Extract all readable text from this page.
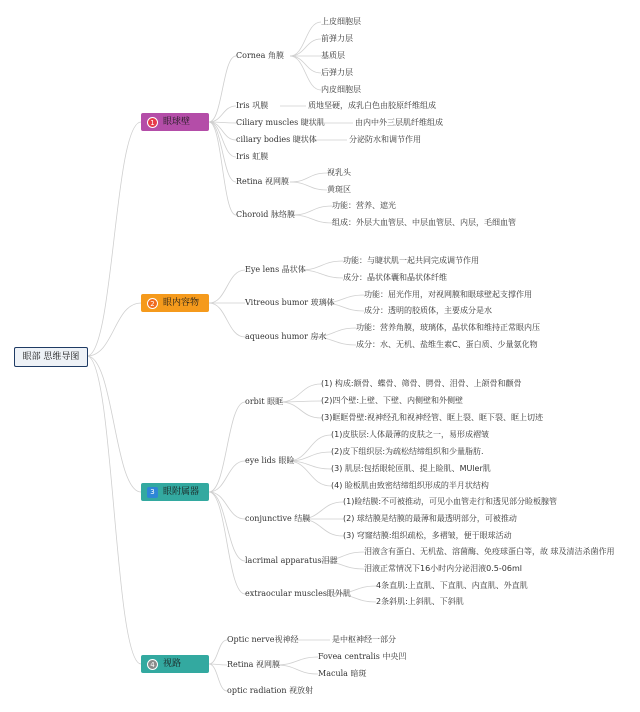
眼部 思维导图
1 眼球壁
2 眼内容物
3 眼附属器
4 视路
Cornea 角膜
上皮细胞层
前弹力层
基质层
后弹力层
内皮细胞层
Iris 巩膜	质地坚硬，成乳白色由胶原纤维组成
Ciliary muscles 睫状肌	由内中外三层肌纤维组成
ciliary bodies 睫状体	分泌防水和调节作用
Iris 虹膜
Retina 视网膜
视乳头
黄斑区
Choroid 脉络膜
功能：营养、遮光
组成：外层大血管层、中层血管层、内层，毛细血管
Eye lens 晶状体
功能：与睫状肌一起共同完成调节作用
成分：晶状体囊和晶状体纤维
Vitreous bumor 玻璃体
功能：屈光作用，对视网膜和眼球壁起支撑作用
成分：透明的胶质体，主要成分是水
aqueous humor 房水
功能：营养角膜，玻璃体，晶状体和维持正常眼内压
成分：水、无机、盐维生素C、蛋白质、少量氨化物
orbit 眼眶
(1) 构成:额骨、蝶骨、筛骨、腭骨、泪骨、上颌骨和颧骨
(2)四个壁:上壁、下壁、内侧壁和外侧壁
(3)眶眶骨壁:视神经孔和视神经管、眶上裂、眶下裂、眶上切迹
eye lids 眼睑
(1)皮肤层:人体最薄的皮肤之一，易形成褶皱
(2)皮下组织层:为疏松结缔组织和少量脂肪.
(3) 肌层:包括眼轮匝肌、提上睑肌、MUler肌
(4) 睑板肌由致密结缔组织形成的半月状结构
conjunctive 结膜
(1)睑结膜:不可被推动，可见小血管走行和透见部分睑板腺管
(2) 球结膜是结膜的最薄和最透明部分，可被推动
(3) 穹窿结膜:组织疏松，多褶皱，便于眼球活动
lacrimal apparatus泪器
泪液含有蛋白、无机盐、溶菌酶、免疫球蛋白等，故 球及清洁杀菌作用
泪液正常情况下16小时内分泌泪液0.5-06ml
extraocular muscles眼外肌
4条直肌:上直肌、下直肌、内直肌、外直肌
2条斜肌:上斜肌、下斜肌
Optic nerve视神经	是中枢神经一部分
Retina 视网膜
Fovea centralis 中央凹
Macula 暗斑
optic radiation 视放射
